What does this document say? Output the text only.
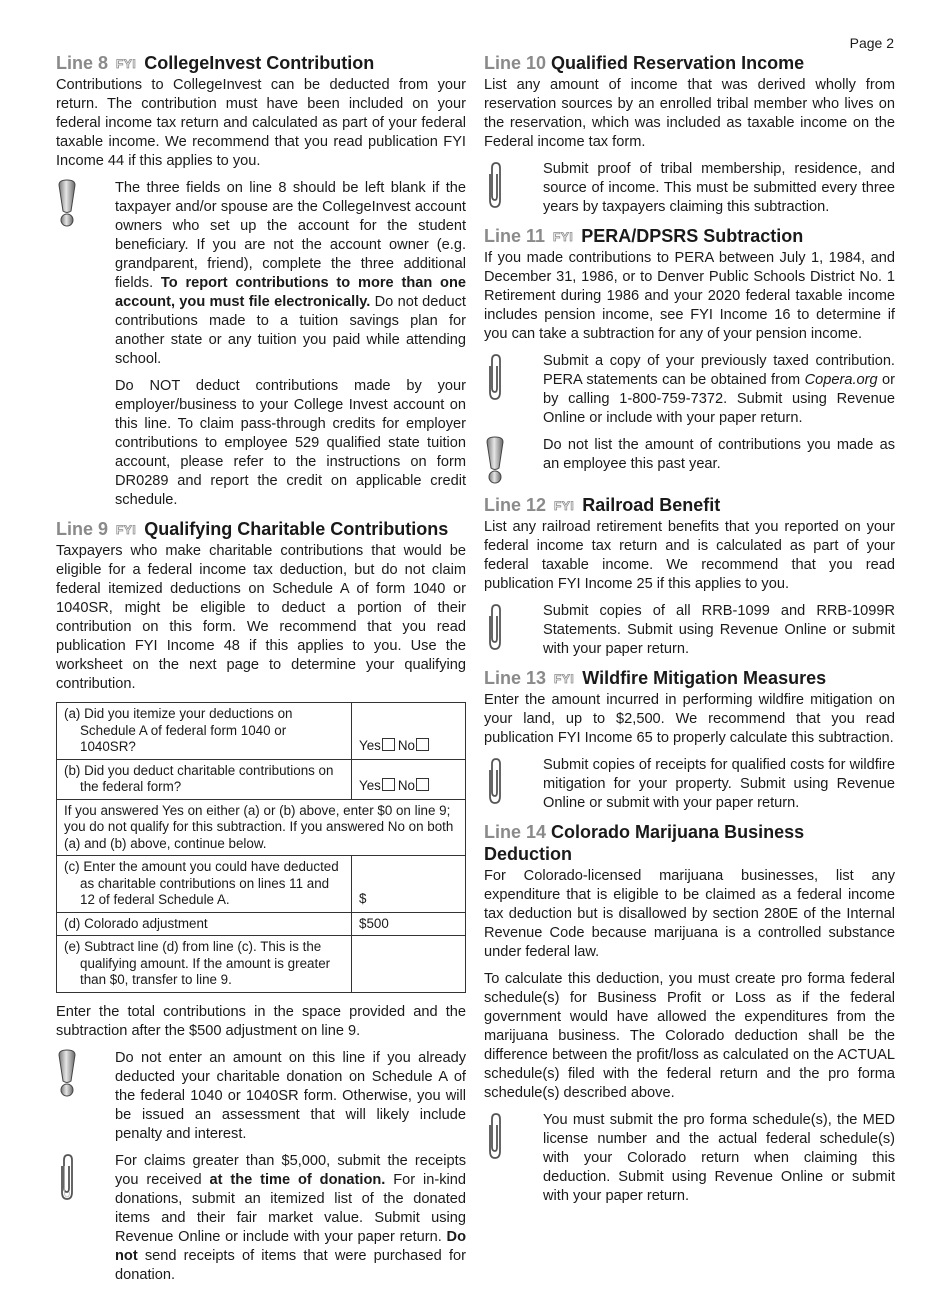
Page 2
Line 8 FYI CollegeInvest Contribution

Contributions to CollegeInvest can be deducted from your return. The contribution must have been included on your federal income tax return and calculated as part of your federal taxable income. We recommend that you read publication FYI Income 44 if this applies to you.

The three fields on line 8 should be left blank if the taxpayer and/or spouse are the CollegeInvest account owners who set up the account for the student beneficiary. If you are not the account owner (e.g. grandparent, friend), complete the three additional fields. To report contributions to more than one account, you must file electronically. Do not deduct contributions made to a tuition savings plan for another state or any tuition you paid while attending school.

Do NOT deduct contributions made by your employer/business to your College Invest account on this line. To claim pass-through credits for employer contributions to employee 529 qualified state tuition account, please refer to the instructions on form DR0289 and report the credit on applicable credit schedule.

Line 9 FYI Qualifying Charitable Contributions

Taxpayers who make charitable contributions that would be eligible for a federal income tax deduction, but do not claim federal itemized deductions on Schedule A of form 1040 or 1040SR, might be eligible to deduct a portion of their contribution on this form. We recommend that you read publication FYI Income 48 if this applies to you. Use the worksheet on the next page to determine your qualifying contribution.

(a) Did you itemize your deductions on Schedule A of federal form 1040 or 1040SR?	Yes No

(b) Did you deduct charitable contributions on the federal form?	Yes No
If you answered Yes on either (a) or (b) above, enter $0 on line 9; you do not qualify for this subtraction. If you answered No on both (a) and (b) above, continue below.	

(c) Enter the amount you could have deducted as charitable contributions on lines 11 and 12 of federal Schedule A.	$

(d) Colorado adjustment	$500

(e) Subtract line (d) from line (c). This is the qualifying amount. If the amount is greater than $0, transfer to line 9.	

Enter the total contributions in the space provided and the subtraction after the $500 adjustment on line 9.

Do not enter an amount on this line if you already deducted your charitable donation on Schedule A of the federal 1040 or 1040SR form. Otherwise, you will be issued an assessment that will likely include penalty and interest.

For claims greater than $5,000, submit the receipts you received at the time of donation. For in-kind donations, submit an itemized list of the donated items and their fair market value. Submit using Revenue Online or include with your paper return. Do not send receipts of items that were purchased for donation.

Line 10 Qualified Reservation Income

List any amount of income that was derived wholly from reservation sources by an enrolled tribal member who lives on the reservation, which was included as taxable income on the Federal income tax form.

Submit proof of tribal membership, residence, and source of income. This must be submitted every three years by taxpayers claiming this subtraction.

Line 11 FYI PERA/DPSRS Subtraction

If you made contributions to PERA between July 1, 1984, and December 31, 1986, or to Denver Public Schools District No. 1 Retirement during 1986 and your 2020 federal taxable income includes pension income, see FYI Income 16 to determine if you can take a subtraction for any of your pension income.

Submit a copy of your previously taxed contribution. PERA statements can be obtained from Copera.org or by calling 1-800-759-7372. Submit using Revenue Online or include with your paper return.

Do not list the amount of contributions you made as an employee this past year.

Line 12 FYI Railroad Benefit

List any railroad retirement benefits that you reported on your federal income tax return and is calculated as part of your federal taxable income. We recommend that you read publication FYI Income 25 if this applies to you.

Submit copies of all RRB-1099 and RRB-1099R Statements. Submit using Revenue Online or submit with your paper return.

Line 13 FYI Wildfire Mitigation Measures

Enter the amount incurred in performing wildfire mitigation on your land, up to $2,500. We recommend that you read publication FYI Income 65 to properly calculate this subtraction.

Submit copies of receipts for qualified costs for wildfire mitigation for your property. Submit using Revenue Online or submit with your paper return.

Line 14 Colorado Marijuana Business Deduction

For Colorado-licensed marijuana businesses, list any expenditure that is eligible to be claimed as a federal income tax deduction but is disallowed by section 280E of the Internal Revenue Code because marijuana is a controlled substance under federal law.

To calculate this deduction, you must create pro forma federal schedule(s) for Business Profit or Loss as if the federal government would have allowed the expenditures from the marijuana business. The Colorado deduction shall be the difference between the profit/loss as calculated on the ACTUAL schedule(s) filed with the federal return and the pro forma schedule(s) described above.

You must submit the pro forma schedule(s), the MED license number and the actual federal schedule(s) with your Colorado return when claiming this deduction. Submit using Revenue Online or submit with your paper return.
